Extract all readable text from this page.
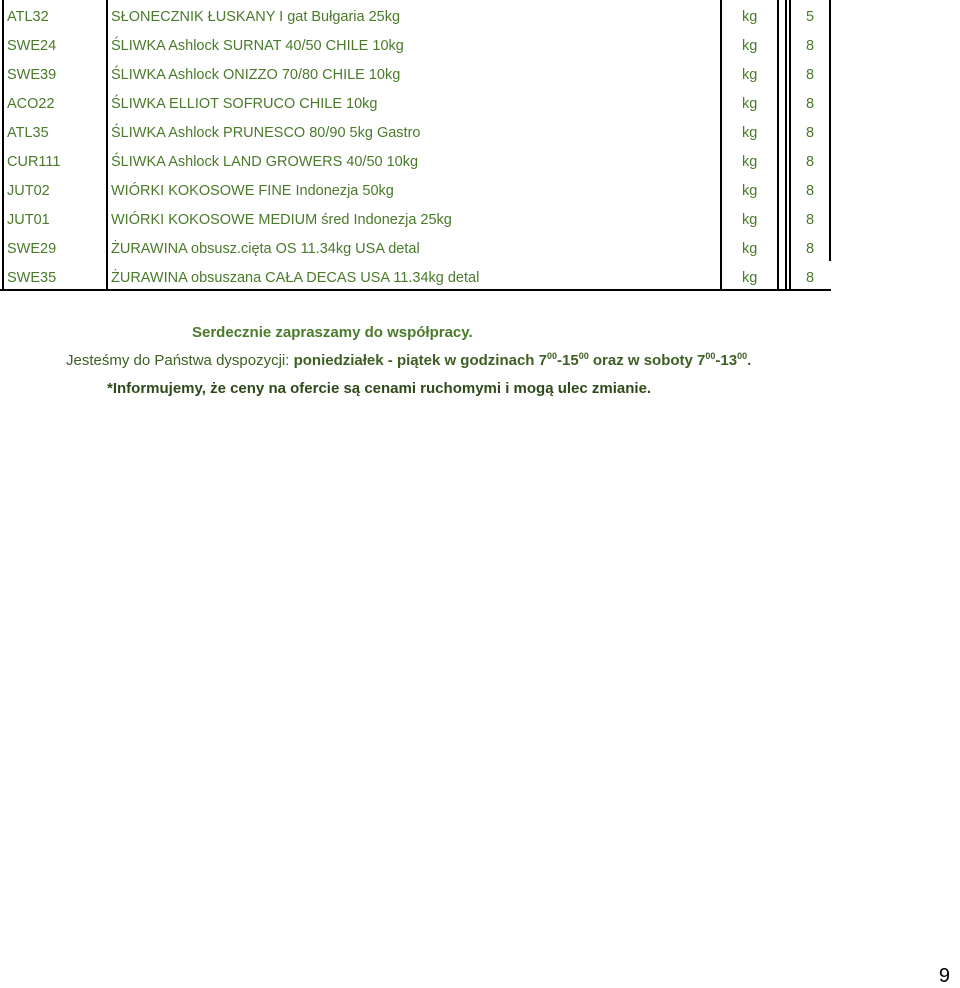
ATL32	SŁONECZNIK ŁUSKANY I gat Bułgaria 25kg	kg	5
SWE24	ŚLIWKA Ashlock SURNAT 40/50 CHILE 10kg	kg	8
SWE39	ŚLIWKA Ashlock ONIZZO 70/80 CHILE 10kg	kg	8
ACO22	ŚLIWKA ELLIOT SOFRUCO CHILE 10kg	kg	8
ATL35	ŚLIWKA Ashlock PRUNESCO 80/90 5kg Gastro	kg	8
CUR111	ŚLIWKA Ashlock LAND GROWERS 40/50 10kg	kg	8
JUT02	WIÓRKI KOKOSOWE FINE Indonezja 50kg	kg	8
JUT01	WIÓRKI KOKOSOWE MEDIUM śred Indonezja 25kg	kg	8
SWE29	ŻURAWINA obsusz.cięta OS 11.34kg USA detal	kg	8
SWE35	ŻURAWINA obsuszana CAŁA DECAS USA 11.34kg detal	kg	8
Serdecznie zapraszamy do współpracy.
Jesteśmy do Państwa dyspozycji: poniedziałek - piątek w godzinach $7^{00}-15^{00}$ oraz w soboty $7^{00}-13^{00}$.
*Informujemy, że ceny na ofercie są cenami ruchomymi i mogą ulec zmianie.
9
